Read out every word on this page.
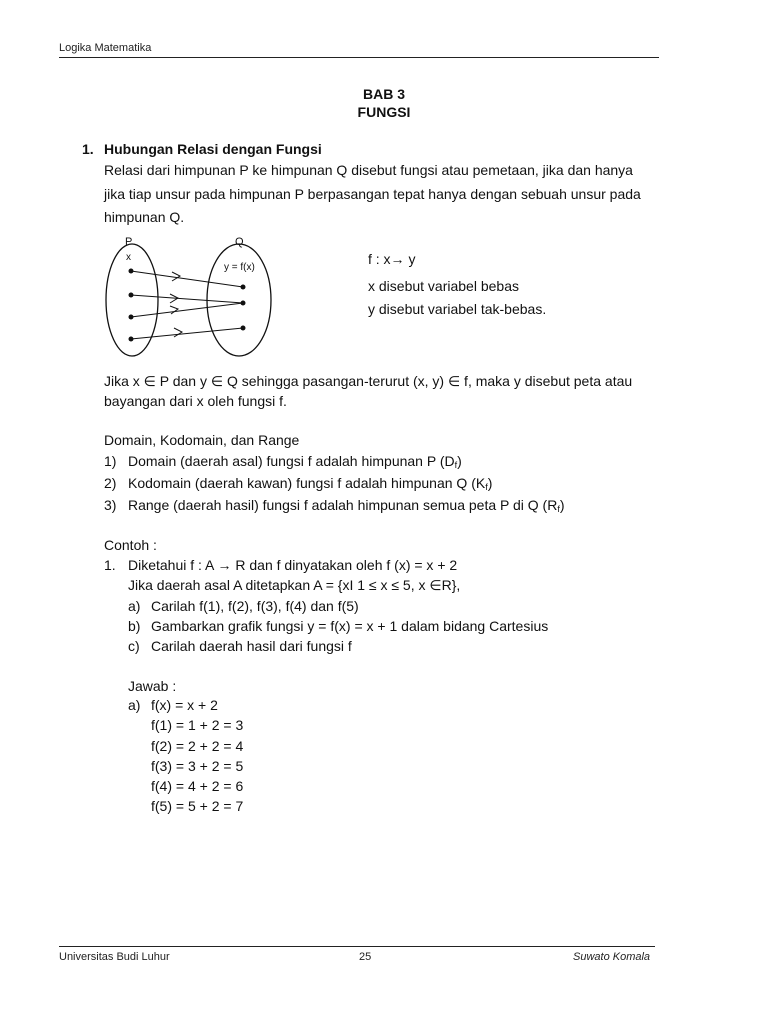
Logika Matematika
BAB 3
FUNGSI
1. Hubungan Relasi dengan Fungsi
Relasi dari himpunan P ke himpunan Q disebut fungsi atau pemetaan, jika dan hanya
jika tiap unsur pada himpunan P berpasangan tepat hanya dengan sebuah unsur pada
himpunan Q.
P	Q
x
y = f(x)
f : x→ y
x disebut variabel bebas
y disebut variabel tak-bebas.
Jika x ∈ P dan y ∈ Q sehingga pasangan-terurut (x, y) ∈ f, maka y disebut peta atau
bayangan dari x oleh fungsi f.
Domain, Kodomain, dan Range
1) Domain (daerah asal) fungsi f adalah himpunan P $(D_f)$
2) Kodomain (daerah kawan) fungsi f adalah himpunan Q $(K_f)$
3) Range (daerah hasil) fungsi f adalah himpunan semua peta P di Q $(R_f)$
Contoh :
1. Diketahui f : A → R dan f dinyatakan oleh f (x) = x + 2
Jika daerah asal A ditetapkan A = {xI 1 ≤ x ≤ 5, x ∈R},
a) Carilah f(1), f(2), f(3), f(4) dan f(5)
b) Gambarkan grafik fungsi y = f(x) = x + 1 dalam bidang Cartesius
c) Carilah daerah hasil dari fungsi f
Jawab :
a) f(x) = x + 2
f(1) = 1 + 2 = 3
f(2) = 2 + 2 = 4
f(3) = 3 + 2 = 5
f(4) = 4 + 2 = 6
f(5) = 5 + 2 = 7
Universitas Budi Luhur	25	Suwato Komala
